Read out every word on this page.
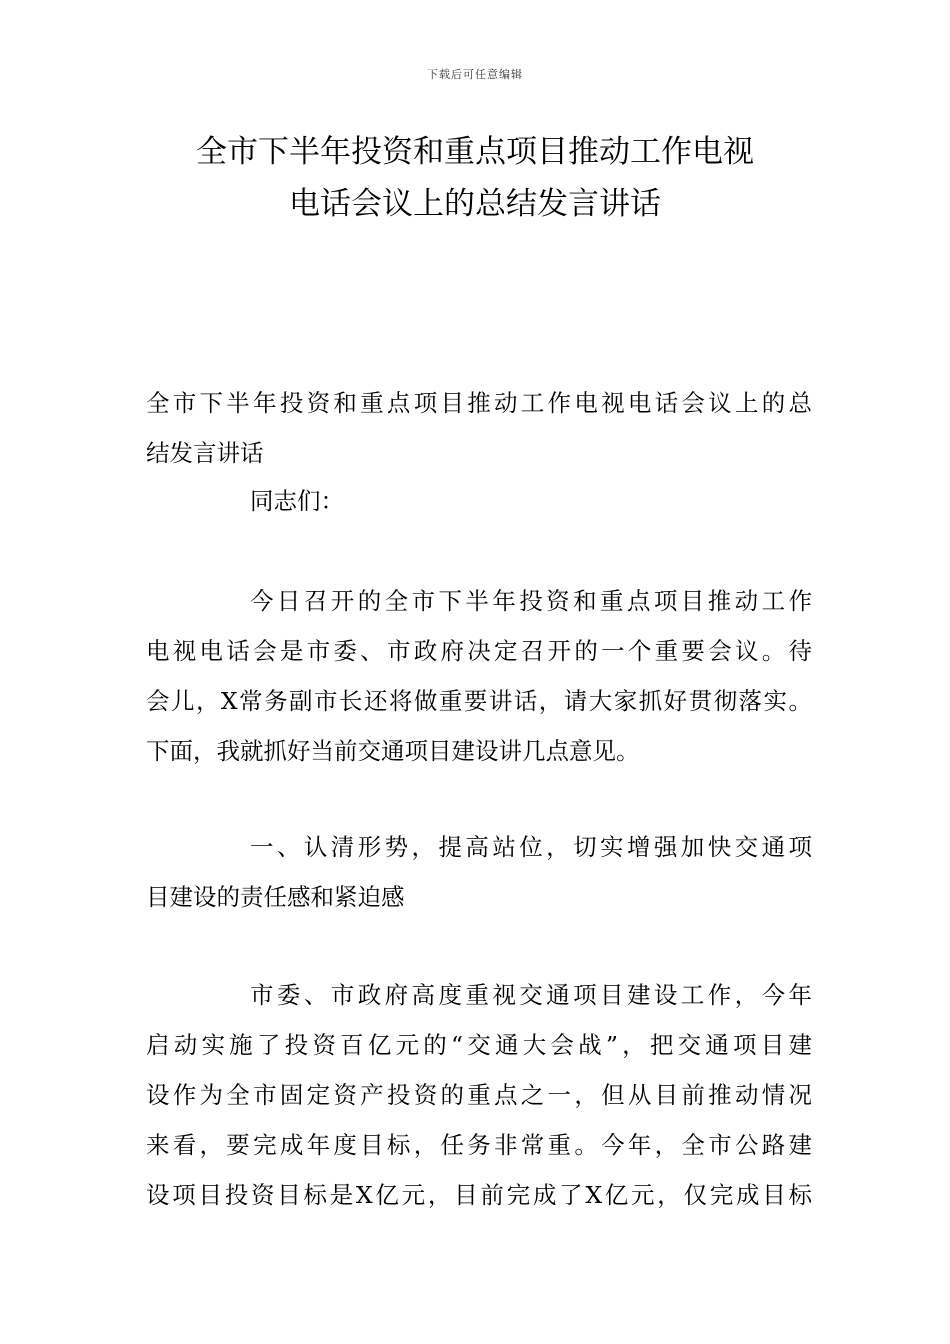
下载后可任意编辑
全市下半年投资和重点项目推动工作电视
电话会议上的总结发言讲话
全市下半年投资和重点项目推动工作电视电话会议上的总
结发言讲话
同志们：
今日召开的全市下半年投资和重点项目推动工作
电视电话会是市委、市政府决定召开的一个重要会议。待
会儿，X常务副市长还将做重要讲话，请大家抓好贯彻落实。
下面，我就抓好当前交通项目建设讲几点意见。
一、认清形势，提高站位，切实增强加快交通项
目建设的责任感和紧迫感
市委、市政府高度重视交通项目建设工作，今年
启动实施了投资百亿元的“交通大会战”，把交通项目建
设作为全市固定资产投资的重点之一，但从目前推动情况
来看，要完成年度目标，任务非常重。今年，全市公路建
设项目投资目标是X亿元，目前完成了X亿元，仅完成目标
